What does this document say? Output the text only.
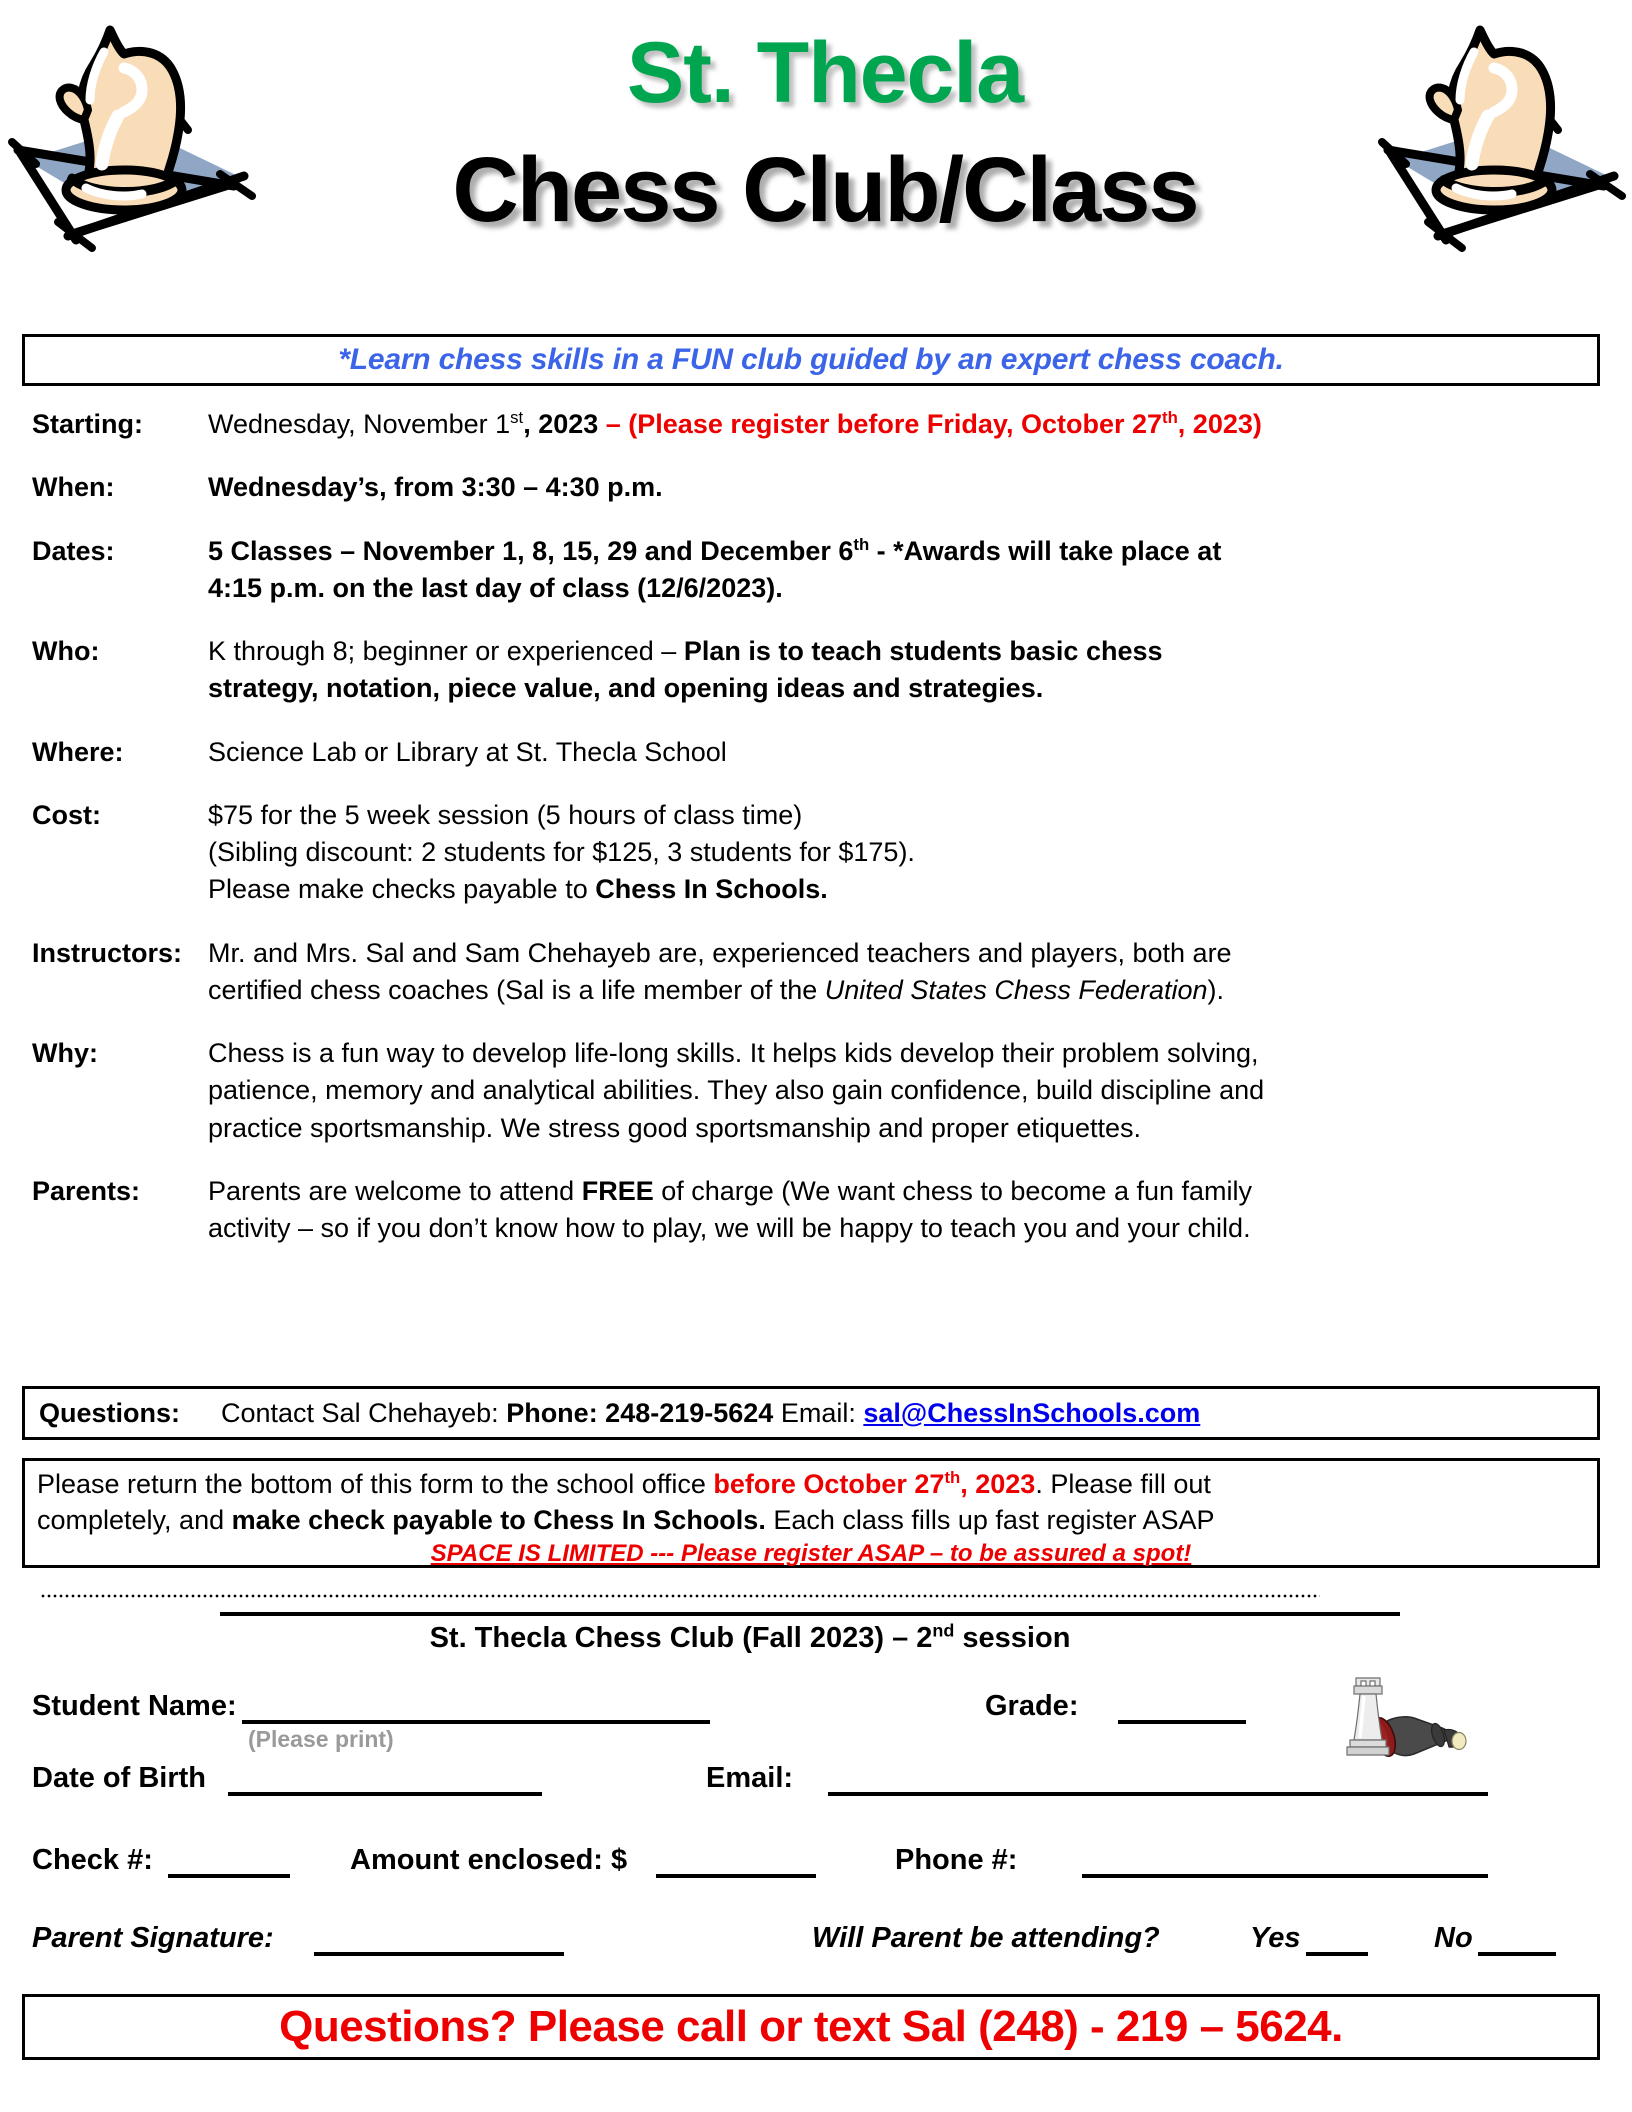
St. Thecla
Chess Club/Class
*Learn chess skills in a FUN club guided by an expert chess coach.
Starting:	Wednesday, November 1st, 2023 – (Please register before Friday, October 27th, 2023)
When:	Wednesday’s, from 3:30 – 4:30 p.m.
Dates:	5 Classes – November 1, 8, 15, 29 and December 6th - *Awards will take place at
4:15 p.m. on the last day of class (12/6/2023).
Who:	K through 8; beginner or experienced – Plan is to teach students basic chess
strategy, notation, piece value, and opening ideas and strategies.
Where:	Science Lab or Library at St. Thecla School
Cost:	$75 for the 5 week session (5 hours of class time)
(Sibling discount: 2 students for $125, 3 students for $175).
Please make checks payable to Chess In Schools.
Instructors: Mr. and Mrs. Sal and Sam Chehayeb are, experienced teachers and players, both are
certified chess coaches (Sal is a life member of the United States Chess Federation).
Why:	Chess is a fun way to develop life-long skills. It helps kids develop their problem solving,
patience, memory and analytical abilities. They also gain confidence, build discipline and
practice sportsmanship. We stress good sportsmanship and proper etiquettes.
Parents:	Parents are welcome to attend FREE of charge (We want chess to become a fun family
activity – so if you don’t know how to play, we will be happy to teach you and your child.
Questions:	Contact Sal Chehayeb: Phone: 248-219-5624 Email: sal@ChessInSchools.com
Please return the bottom of this form to the school office before October 27th, 2023. Please fill out
completely, and make check payable to Chess In Schools. Each class fills up fast register ASAP
SPACE IS LIMITED --- Please register ASAP – to be assured a spot!
St. Thecla Chess Club (Fall 2023) – 2nd session
Student Name:
(Please print)
Grade:
Date of Birth	Email:
Check #:	Amount enclosed: $	Phone #:
Parent Signature:	Will Parent be attending?	Yes	No
Questions? Please call or text Sal (248) - 219 – 5624.
